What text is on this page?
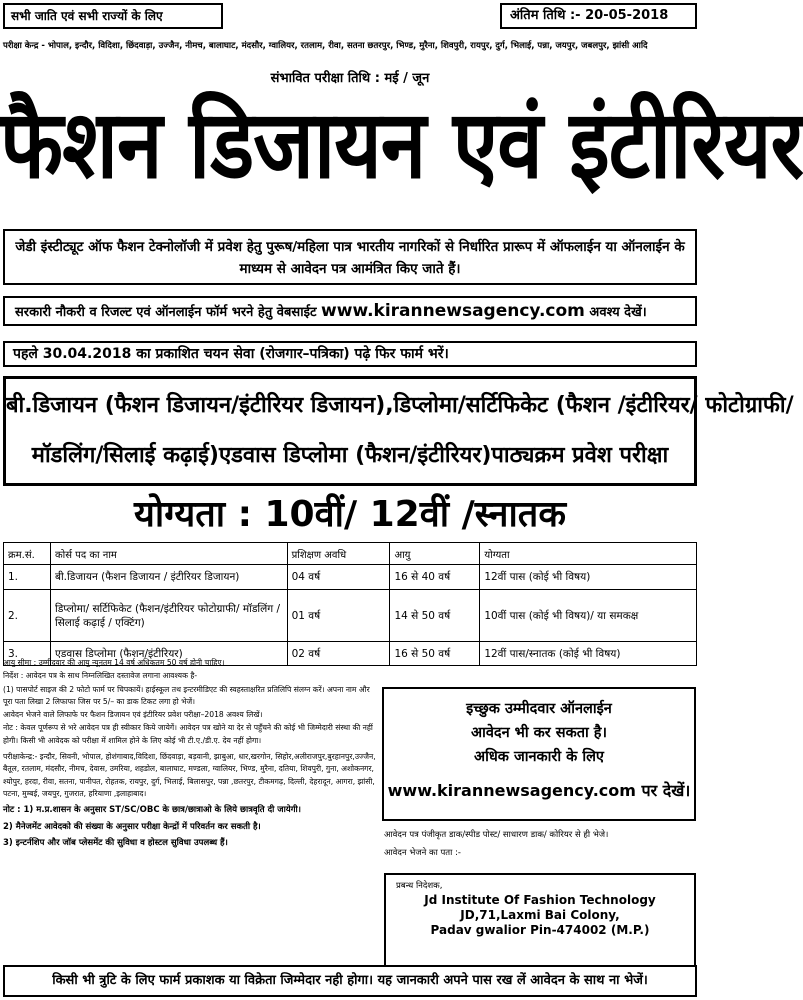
सभी जाति एवं सभी राज्यों के लिए	अंतिम तिथि :- 20-05-2018
परीक्षा केन्द्र - भोपाल, इन्दौर, विदिशा, छिंदवाड़ा, उज्जैन, नीमच, बालाघाट, मंदसौर, ग्वालियर, रतलाम, रीवा, सतना छतरपुर, भिण्ड, मुरैना, शिवपुरी, रायपुर, दुर्ग, भिलाई, पन्ना, जयपुर, जबलपुर, झांसी आदि
संभावित परीक्षा तिथि : मई / जून
फैशन डिजायन एवं इंटीरियर
जेडी इंस्टीट्यूट ऑफ फैशन टेक्नोलॉजी में प्रवेश हेतु पुरूष/महिला पात्र भारतीय नागरिकों से निर्धारित प्रारूप में ऑफलाईन या ऑनलाईन के माध्यम से आवेदन पत्र आमंत्रित किए जाते हैं।
सरकारी नौकरी व रिजल्ट एवं ऑनलाईन फॉर्म भरने हेतु वेबसाईट www.kirannewsagency.com अवश्य देखें।
पहले 30.04.2018 का प्रकाशित चयन सेवा (रोजगार–पत्रिका) पढ़े फिर फार्म भरें।
बी.डिजायन (फैशन डिजायन/इंटीरियर डिजायन),डिप्लोमा/सर्टिफिकेट (फैशन /इंटीरियर/ फोटोग्राफी/
मॉडलिंग/सिलाई कढ़ाई)एडवास डिप्लोमा (फैशन/इंटीरियर)पाठ्यक्रम प्रवेश परीक्षा
योग्यता : 10वीं/ 12वीं /स्नातक
क्रम.सं.	कोर्स पद का नाम	प्रशिक्षण अवधि	आयु	योग्यता
1.	बी.डिजायन (फैशन डिजायन / इंटीरियर डिजायन)	04 वर्ष	16 से 40 वर्ष	12वीं पास (कोई भी विषय)
2.	डिप्लोमा/ सर्टिफिकेट (फैशन/इंटीरियर फोटोग्राफी/ मॉडलिंग / सिलाई कढ़ाई / एक्टिंग)	01 वर्ष	14 से 50 वर्ष	10वीं पास (कोई भी विषय)/ या समकक्ष
3.	एडवास डिप्लोमा (फैशन/इंटीरियर)	02 वर्ष	16 से 50 वर्ष	12वीं पास/स्नातक (कोई भी विषय)

आयु सीमा : उम्मीदवार की आयु न्यूनतम 14 वर्ष अधिकतम 50 वर्ष होनी चाहिए।

निर्देश : आवेदन पत्र के साथ निम्नलिखित दस्तावेज लगाना आवश्यक है-

(1) पासपोर्ट साइज की 2 फोटो फार्म पर चिपकायें। हाईस्कूल तथ इन्टरमीडिएट की स्वहस्ताक्षरित प्रतिलिपि संलग्न करें। अपना नाम और पूरा पता लिखा 2 लिफाफा जिस पर 5/– का डाक टिकट लगा हो भेजें।

आवेदन भेजने वाले लिफाफे पर फैशन डिजायन एवं इंटीरियर प्रवेश परीक्षा–2018 अवश्य लिखें।

नोट : केवल पूर्णरूप से भरे आवेदन पत्र ही स्वीकार किये जायेगें। आवेदन पत्र खोने या देर से पहुँचने की कोई भी जिम्मेदारी संस्था की नहीं होगी। किसी भी आवेदक को परीक्षा में शामिल होने के लिए कोई भी टी.ए./डी.ए. देय नहीं होगा।

परीक्षाकेन्द्र:- इन्दौर, सिवनी, भोपाल, होशंगाबाद,विदिशा, छिंदवाड़ा, बड़वानी, झाबुआ, धार,खरगोन, सिहोर,अलीराजपुर,बुरहानपुर,उज्जैन, बैतूल, रतलाम, मंदसौर, नीमच, देवास, उमरिया, शहडोल, बालाघाट, मण्डला, ग्वालियर, भिण्ड, मुरैना, दतिया, शिवपुरी, गुना, अशोकनगर, श्योपुर, हरदा, रीवा, सतना, पानीपत, रोहतक, रायपुर, दुर्ग, भिलाई, बिलासपुर, पन्ना ,छतरपुर, टीकमगढ़, दिल्ली, देहरादून, आगरा, झांसी, पटना, मुम्बई, जयपुर, गुजरात, हरियाणा ,इलाहाबाद।

नोट : 1) म.प्र.शासन के अनुसार ST/SC/OBC के छात्र/छात्राओ के लिये छात्रवृति दी जायेगी।

2) मैनेजमेंट आवेदको की संख्या के अनुसार परीक्षा केन्द्रों में परिवर्तन कर सकती है।

3) इन्टर्नशिप और जॉब प्लेसमेंट की सुविधा व होस्टल सुविधा उपलब्ध हैं।

इच्छुक उम्मीदवार ऑनलाईन
आवेदन भी कर सकता है।
अधिक जानकारी के लिए
www.kirannewsagency.com पर देखें।
आवेदन पत्र पंजीकृत डाक/स्पीड पोस्ट/ साधारण डाक/ कोरियर से ही भेजे।
आवेदन भेजने का पता :-
प्रबन्ध निदेशक,
Jd Institute Of Fashion Technology
JD,71,Laxmi Bai Colony,
Padav gwalior Pin-474002 (M.P.)
किसी भी त्रुटि के लिए फार्म प्रकाशक या विक्रेता जिम्मेदार नही होगा। यह जानकारी अपने पास रख लें आवेदन के साथ ना भेजें।
